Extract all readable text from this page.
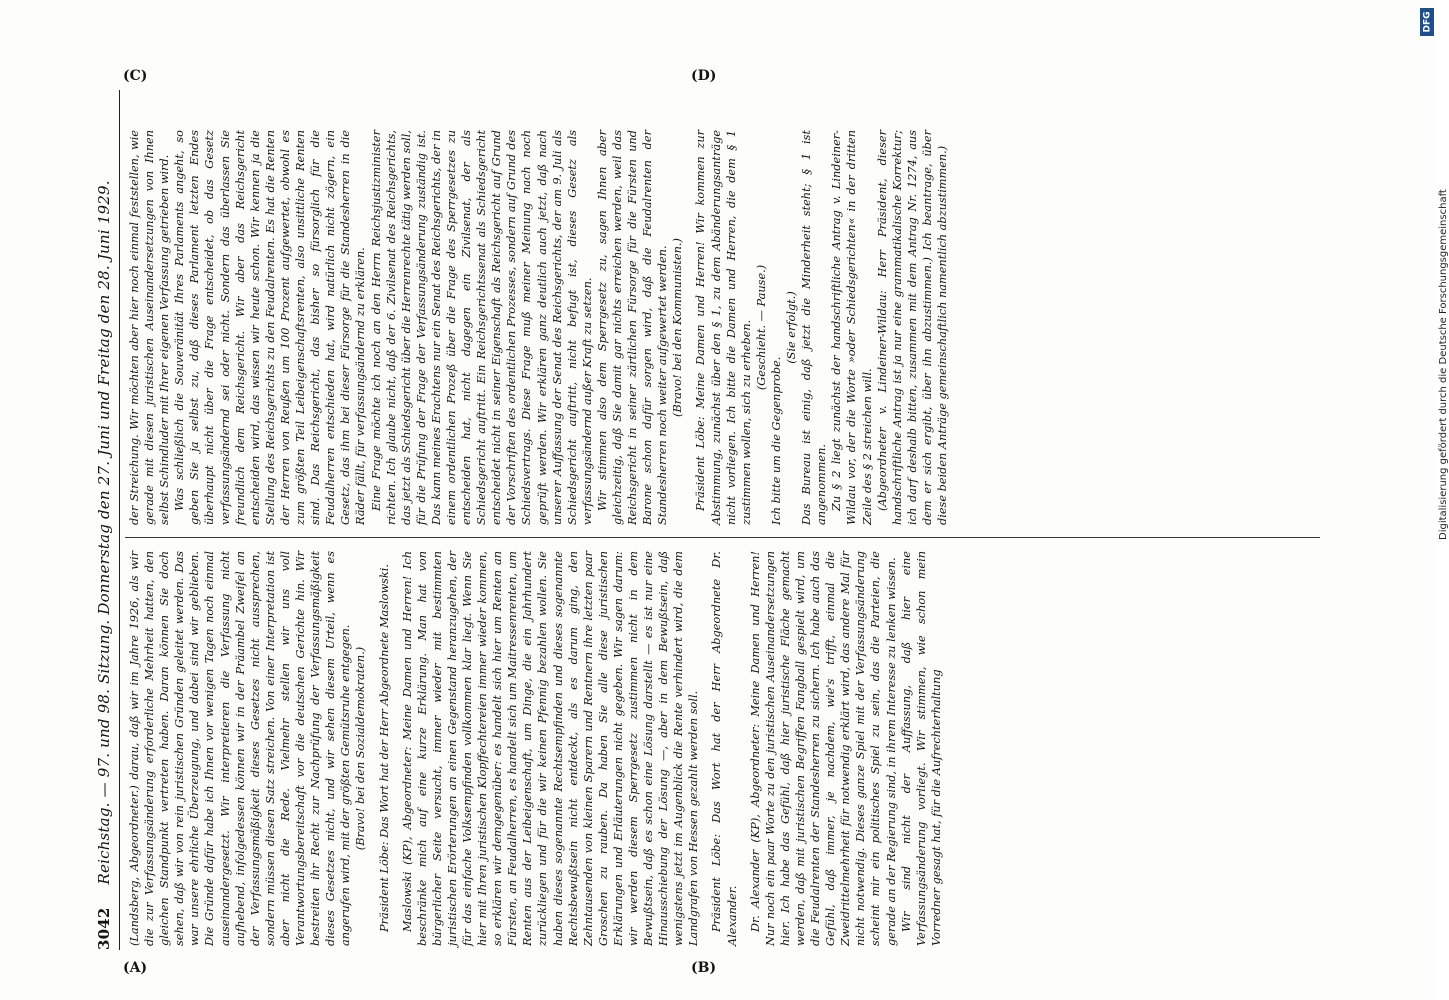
3042 Reichstag. — 97. und 98. Sitzung. Donnerstag den 27. Juni und Freitag den 28. Juni 1929.	(Landsberg, Abgeordneter.) darau, daß wir im Jahre 1926, als wir die zur Verfassungsänderung erforderliche Mehrheit hatten, den gleichen Standpunkt vertreten haben. Daran können Sie doch sehen, daß wir von rein juristischen Gründen geleitet werden. Das war unsere ehrliche Überzeugung, und dabei sind wir geblieben. Die Gründe dafür habe ich Ihnen vor wenigen Tagen noch einmal auseinandergesetzt. Wir interpretieren die Verfassung nicht aufhebend, infolgedessen können wir in der Präambel Zweifel an der Verfassungsmäßigkeit dieses Gesetzes nicht aussprechen, sondern müssen diesen Satz streichen. Von einer Interpretation ist aber nicht die Rede. Vielmehr stellen wir uns voll Verantwortungsbereitschaft vor die deutschen Gerichte hin. Wir bestreiten ihr Recht zur Nachprüfung der Verfassungsmäßigkeit dieses Gesetzes nicht, und wir sehen diesem Urteil, wenn es angerufen wird, mit der größten Gemütsruhe entgegen. (Bravo! bei den Sozialdemokraten.) Präsident Löbe: Das Wort hat der Herr Abgeordnete Maslowski. Maslowski (KP), Abgeordneter: Meine Damen und Herren! Ich beschränke mich auf eine kurze Erklärung. Man hat von bürgerlicher Seite versucht, immer wieder mit bestimmten juristischen Erörterungen an einen Gegenstand heranzugehen, der für das einfache Volksempfinden vollkommen klar liegt. Wenn Sie hier mit Ihren juristischen Klopffechtereien immer wieder kommen, so erklären wir demgegenüber: es handelt sich hier um Renten an Fürsten, an Feudalherren, es handelt sich um Maitressenrenten, um Renten aus der Leibeigenschaft, um Dinge, die ein Jahrhundert zurückliegen und für die wir keinen Pfennig bezahlen wollen. Sie haben dieses sogenannte Rechtsempfinden und dieses sogenannte Rechtsbewußtsein nicht entdeckt, als es darum ging, den Zehntausenden von kleinen Sparern und Rentnern ihre letzten paar Groschen zu rauben. Da haben Sie alle diese juristischen Erklärungen und Erläuterungen nicht gegeben. Wir sagen darum: wir werden diesem Sperrgesetz zustimmen nicht in dem Bewußtsein, daß es schon eine Lösung darstellt — es ist nur eine Hinausschiebung der Lösung —, aber in dem Bewußtsein, daß wenigstens jetzt im Augenblick die Rente verhindert wird, die dem Landgrafen von Hessen gezahlt werden soll. Präsident Löbe: Das Wort hat der Herr Abgeordnete Dr. Alexander. Dr. Alexander (KP), Abgeordneter: Meine Damen und Herren! Nur noch ein paar Worte zu den juristischen Auseinandersetzungen hier. Ich habe das Gefühl, daß hier juristische Fläche gemacht werden, daß mit juristischen Begriffen Fangball gespielt wird, um die Feudalrenten der Standesherren zu sichern. Ich habe auch das Gefühl, daß immer, je nachdem, wie's trifft, einmal die Zweidrittelmehrheit für notwendig erklärt wird, das andere Mal für nicht notwendig. Dieses ganze Spiel mit der Verfassungsänderung scheint mir ein politisches Spiel zu sein, das die Parteien, die gerade an der Regierung sind, in ihrem Interesse zu lenken wissen. Wir sind nicht der Auffassung, daß hier eine Verfassungsänderung vorliegt. Wir stimmen, wie schon mein Vorredner gesagt hat, für die Aufrechterhaltung

der Streichung. Wir möchten aber hier noch einmal feststellen, wie gerade mit diesen juristischen Auseinandersetzungen von Ihnen selbst Schindluder mit Ihrer eigenen Verfassung getrieben wird. Was schließlich die Souveränität Ihres Parlaments angeht, so geben Sie ja selbst zu, daß dieses Parlament letzten Endes überhaupt nicht über die Frage entscheidet, ob das Gesetz verfassungsändernd sei oder nicht. Sondern das überlassen Sie freundlich dem Reichsgericht. Wir aber das Reichsgericht entscheiden wird, das wissen wir heute schon. Wir kennen ja die Stellung des Reichsgerichts zu den Feudalrenten. Es hat die Renten der Herren von Reußen um 100 Prozent aufgewertet, obwohl es zum größten Teil Leibeigenschaftsrenten, also unsittliche Renten sind. Das Reichsgericht, das bisher so fürsorglich für die Feudalherren entschieden hat, wird natürlich nicht zögern, ein Gesetz, das ihm bei dieser Fürsorge für die Standesherren in die Räder fällt, für verfassungsändernd zu erklären. Eine Frage möchte ich noch an den Herrn Reichsjustizminister richten. Ich glaube nicht, daß der 6. Zivilsenat des Reichsgerichts, das jetzt als Schiedsgericht über die Herrenrechte tätig werden soll, für die Prüfung der Frage der Verfassungsänderung zuständig ist. Das kann meines Erachtens nur ein Senat des Reichsgerichts, der in einem ordentlichen Prozeß über die Frage des Sperrgesetzes zu entscheiden hat, nicht dagegen ein Zivilsenat, der als Schiedsgericht auftritt. Ein Reichsgerichtssenat als Schiedsgericht entscheidet nicht in seiner Eigenschaft als Reichsgericht auf Grund der Vorschriften des ordentlichen Prozesses, sondern auf Grund des Schiedsvertrags. Diese Frage muß meiner Meinung nach noch geprüft werden. Wir erklären ganz deutlich auch jetzt, daß nach unserer Auffassung der Senat des Reichsgerichts, der am 9. Juli als Schiedsgericht auftritt, nicht befugt ist, dieses Gesetz als verfassungsändernd außer Kraft zu setzen. Wir stimmen also dem Sperrgesetz zu, sagen Ihnen aber gleichzeitig, daß Sie damit gar nichts erreichen werden, weil das Reichsgericht in seiner zärtlichen Fürsorge für die Fürsten und Barone schon dafür sorgen wird, daß die Feudalrenten der Standesherren noch weiter aufgewertet werden. (Bravo! bei den Kommunisten.) Präsident Löbe: Meine Damen und Herren! Wir kommen zur Abstimmung, zunächst über den § 1, zu dem Abänderungsanträge nicht vorliegen. Ich bitte die Damen und Herren, die dem § 1 zustimmen wollen, sich zu erheben. (Geschieht. — Pause.)

Ich bitte um die Gegenprobe.

(Sie erfolgt.) Das Bureau ist einig, daß jetzt die Minderheit steht; § 1 ist angenommen. Zu § 2 liegt zunächst der handschriftliche Antrag v. Lindeiner-Wildau vor, der die Worte »oder Schiedsgerichten« in der dritten Zeile des § 2 streichen will. (Abgeordneter v. Lindeiner-Wildau: Herr Präsident, dieser handschriftliche Antrag ist ja nur eine grammatikalische Korrektur; ich darf deshalb bitten, zusammen mit dem Antrag Nr. 1274, aus dem er sich ergibt, über ihn abzustimmen.) Ich beantrage, über diese beiden Anträge gemeinschaftlich namentlich abzustimmen.)

(A)	(B)
(C)	(D)
DFG
Digitalisierung gefördert durch die Deutsche Forschungsgemeinschaft
